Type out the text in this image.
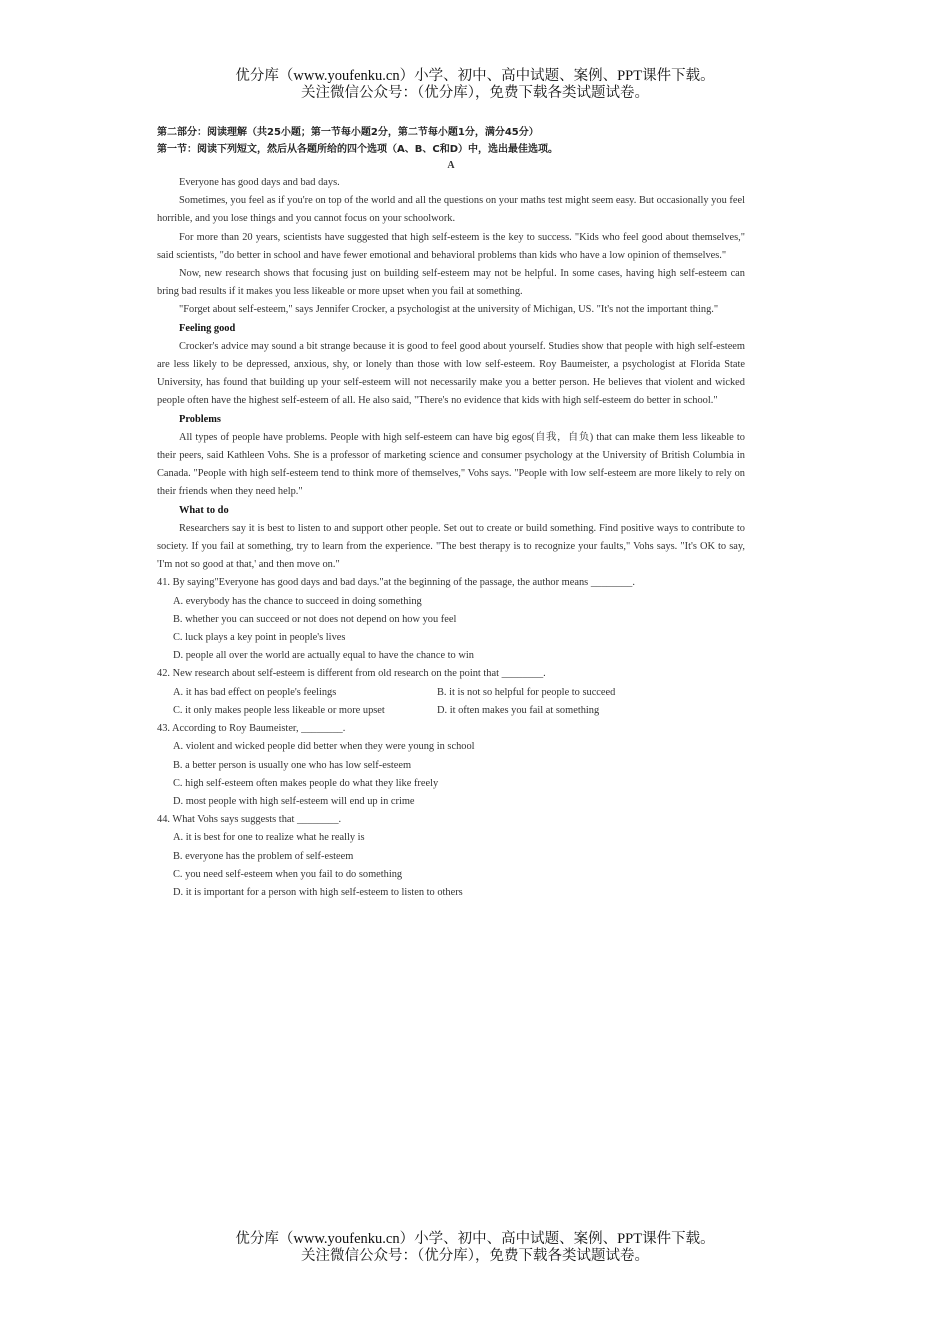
优分库（www.youfenku.cn）小学、初中、高中试题、案例、PPT课件下载。
关注微信公众号：（优分库），免费下载各类试题试卷。
第二部分：阅读理解（共25小题；第一节每小题2分，第二节每小题1分，满分45分）
第一节：阅读下列短文，然后从各题所给的四个选项（A、B、C和D）中，选出最佳选项。
A
Everyone has good days and bad days.
Sometimes, you feel as if you're on top of the world and all the questions on your maths test might seem easy. But occasionally you feel horrible, and you lose things and you cannot focus on your schoolwork.
For more than 20 years, scientists have suggested that high self-esteem is the key to success. "Kids who feel good about themselves," said scientists, "do better in school and have fewer emotional and behavioral problems than kids who have a low opinion of themselves."
Now, new research shows that focusing just on building self-esteem may not be helpful. In some cases, having high self-esteem can bring bad results if it makes you less likeable or more upset when you fail at something.
"Forget about self-esteem," says Jennifer Crocker, a psychologist at the university of Michigan, US. "It's not the important thing."
Feeling good
Crocker's advice may sound a bit strange because it is good to feel good about yourself. Studies show that people with high self-esteem are less likely to be depressed, anxious, shy, or lonely than those with low self-esteem. Roy Baumeister, a psychologist at Florida State University, has found that building up your self-esteem will not necessarily make you a better person. He believes that violent and wicked people often have the highest self-esteem of all. He also said, "There's no evidence that kids with high self-esteem do better in school."
Problems
All types of people have problems. People with high self-esteem can have big egos(自我，自负) that can make them less likeable to their peers, said Kathleen Vohs. She is a professor of marketing science and consumer psychology at the University of British Columbia in Canada. "People with high self-esteem tend to think more of themselves," Vohs says. "People with low self-esteem are more likely to rely on their friends when they need help."
What to do
Researchers say it is best to listen to and support other people. Set out to create or build something. Find positive ways to contribute to society. If you fail at something, try to learn from the experience. "The best therapy is to recognize your faults," Vohs says. "It's OK to say, 'I'm not so good at that,' and then move on."
41. By saying"Everyone has good days and bad days."at the beginning of the passage, the author means ________.
A. everybody has the chance to succeed in doing something
B. whether you can succeed or not does not depend on how you feel
C. luck plays a key point in people's lives
D. people all over the world are actually equal to have the chance to win
42. New research about self-esteem is different from old research on the point that ________.
A. it has bad effect on people's feelings	B. it is not so helpful for people to succeed
C. it only makes people less likeable or more upset	D. it often makes you fail at something
43. According to Roy Baumeister, ________.
A. violent and wicked people did better when they were young in school
B. a better person is usually one who has low self-esteem
C. high self-esteem often makes people do what they like freely
D. most people with high self-esteem will end up in crime
44. What Vohs says suggests that ________.
A. it is best for one to realize what he really is
B. everyone has the problem of self-esteem
C. you need self-esteem when you fail to do something
D. it is important for a person with high self-esteem to listen to others
优分库（www.youfenku.cn）小学、初中、高中试题、案例、PPT课件下载。
关注微信公众号：（优分库），免费下载各类试题试卷。
